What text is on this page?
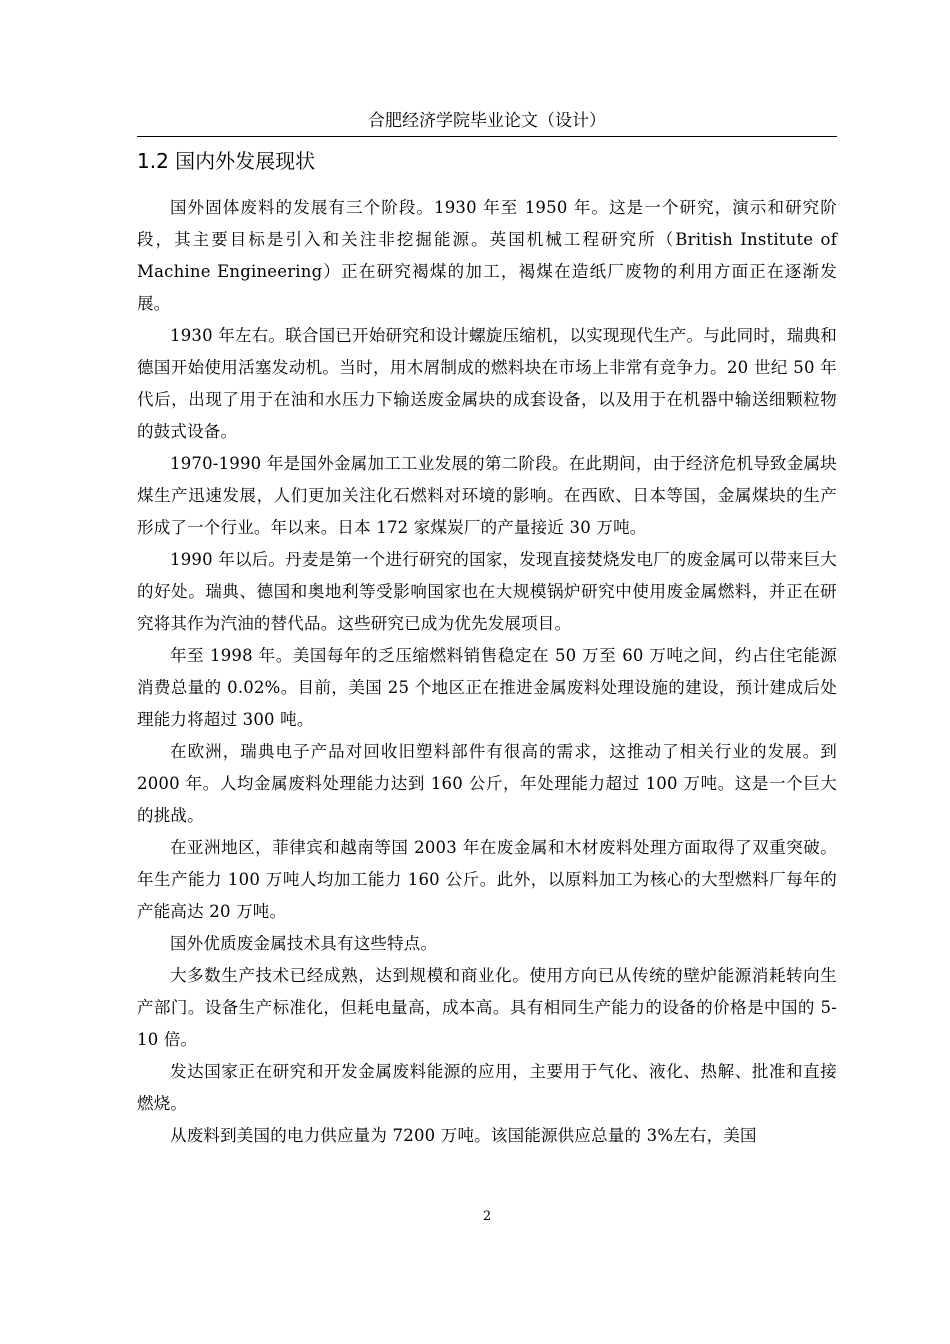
合肥经济学院毕业论文（设计）
1.2 国内外发展现状

国外固体废料的发展有三个阶段。1930 年至 1950 年。这是一个研究，演示和研究阶段，其主要目标是引入和关注非挖掘能源。英国机械工程研究所（British Institute of Machine Engineering）正在研究褐煤的加工，褐煤在造纸厂废物的利用方面正在逐渐发展。

1930 年左右。联合国已开始研究和设计螺旋压缩机，以实现现代生产。与此同时，瑞典和德国开始使用活塞发动机。当时，用木屑制成的燃料块在市场上非常有竞争力。20 世纪 50 年代后，出现了用于在油和水压力下输送废金属块的成套设备，以及用于在机器中输送细颗粒物的鼓式设备。

1970-1990 年是国外金属加工工业发展的第二阶段。在此期间，由于经济危机导致金属块煤生产迅速发展，人们更加关注化石燃料对环境的影响。在西欧、日本等国，金属煤块的生产形成了一个行业。年以来。日本 172 家煤炭厂的产量接近 30 万吨。

1990 年以后。丹麦是第一个进行研究的国家，发现直接焚烧发电厂的废金属可以带来巨大的好处。瑞典、德国和奥地利等受影响国家也在大规模锅炉研究中使用废金属燃料，并正在研究将其作为汽油的替代品。这些研究已成为优先发展项目。

年至 1998 年。美国每年的乏压缩燃料销售稳定在 50 万至 60 万吨之间，约占住宅能源消费总量的 0.02%。目前，美国 25 个地区正在推进金属废料处理设施的建设，预计建成后处理能力将超过 300 吨。

在欧洲，瑞典电子产品对回收旧塑料部件有很高的需求，这推动了相关行业的发展。到 2000 年。人均金属废料处理能力达到 160 公斤，年处理能力超过 100 万吨。这是一个巨大的挑战。

在亚洲地区，菲律宾和越南等国 2003 年在废金属和木材废料处理方面取得了双重突破。年生产能力 100 万吨人均加工能力 160 公斤。此外，以原料加工为核心的大型燃料厂每年的产能高达 20 万吨。

国外优质废金属技术具有这些特点。

大多数生产技术已经成熟，达到规模和商业化。使用方向已从传统的壁炉能源消耗转向生产部门。设备生产标准化，但耗电量高，成本高。具有相同生产能力的设备的价格是中国的 5-10 倍。

发达国家正在研究和开发金属废料能源的应用，主要用于气化、液化、热解、批准和直接燃烧。

从废料到美国的电力供应量为 7200 万吨。该国能源供应总量的 3%左右，美国

2
